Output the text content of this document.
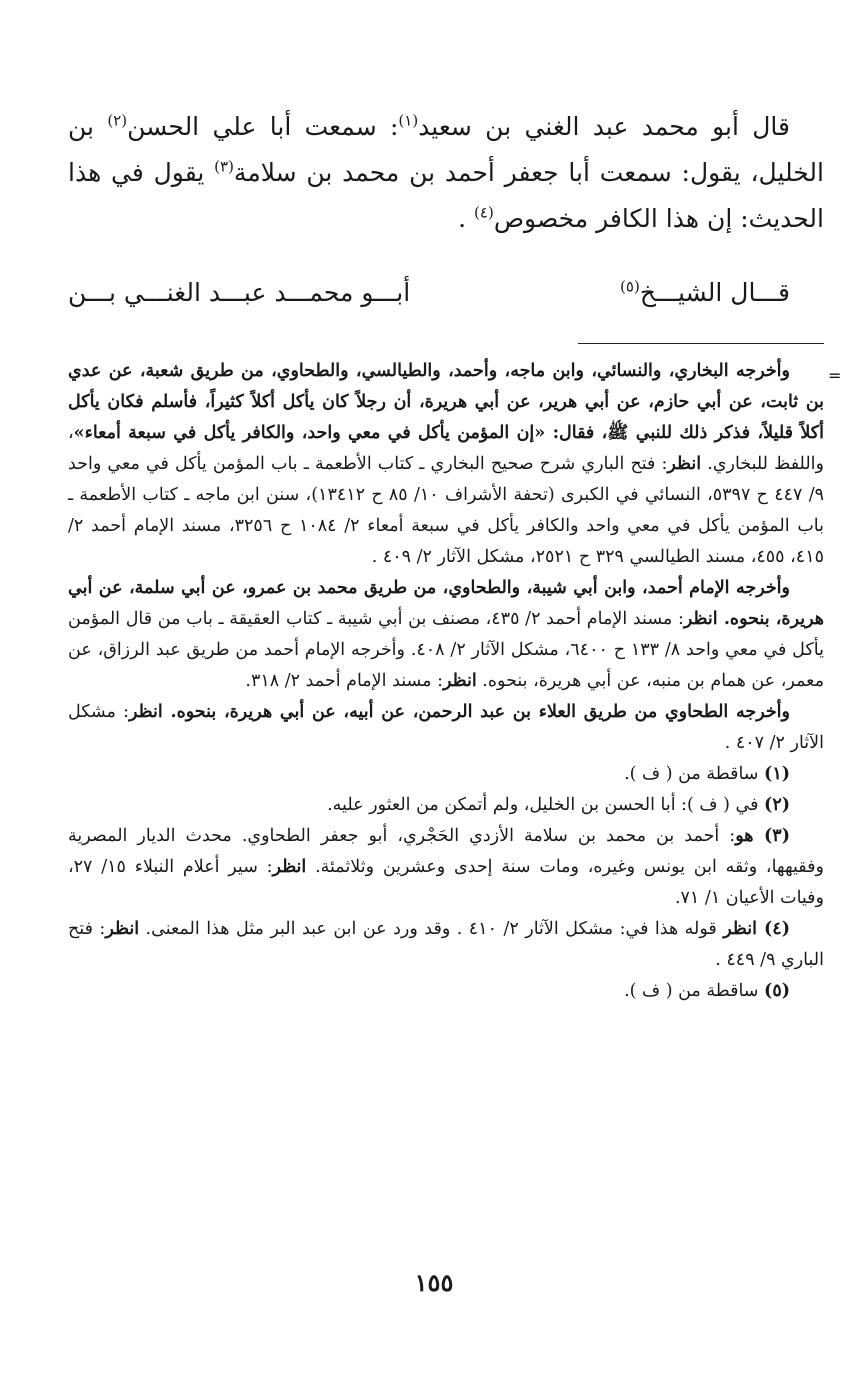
قال أبو محمد عبد الغني بن سعيد$^{(١)}$: سمعت أبا علي الحسن$^{(٢)}$ بن الخليل، يقول: سمعت أبا جعفر أحمد بن محمد بن سلامة$^{(٣)}$ يقول في هذا الحديث: إن هذا الكافر مخصوص$^{(٤)}$ .

قـــال الشيـــخ$^{(٥)}$
أبـــو محمـــد عبـــد الغنـــي بـــن
=

وأخرجه البخاري، والنسائي، وابن ماجه، وأحمد، والطيالسي، والطحاوي، من طريق شعبة، عن عدي بن ثابت، عن أبي حازم، عن أبي هرير، عن أبي هريرة، أن رجلاً كان يأكل أكلاً كثيراً، فأسلم فكان يأكل أكلاً قليلاً، فذكر ذلك للنبي ﷺ، فقال: «إن المؤمن يأكل في معي واحد، والكافر يأكل في سبعة أمعاء»، واللفظ للبخاري. انظر: فتح الباري شرح صحيح البخاري ـ كتاب الأطعمة ـ باب المؤمن يأكل في معي واحد ٩/ ٤٤٧ ح ٥٣٩٧، النسائي في الكبرى (تحفة الأشراف ١٠/ ٨٥ ح ١٣٤١٢)، سنن ابن ماجه ـ كتاب الأطعمة ـ باب المؤمن يأكل في معي واحد والكافر يأكل في سبعة أمعاء ٢/ ١٠٨٤ ح ٣٢٥٦، مسند الإمام أحمد ٢/ ٤١٥، ٤٥٥، مسند الطيالسي ٣٢٩ ح ٢٥٢١، مشكل الآثار ٢/ ٤٠٩ .

وأخرجه الإمام أحمد، وابن أبي شيبة، والطحاوي، من طريق محمد بن عمرو، عن أبي سلمة، عن أبي هريرة، بنحوه. انظر: مسند الإمام أحمد ٢/ ٤٣٥، مصنف بن أبي شيبة ـ كتاب العقيقة ـ باب من قال المؤمن يأكل في معي واحد ٨/ ١٣٣ ح ٦٤٠٠، مشكل الآثار ٢/ ٤٠٨. وأخرجه الإمام أحمد من طريق عبد الرزاق، عن معمر، عن همام بن منبه، عن أبي هريرة، بنحوه. انظر: مسند الإمام أحمد ٢/ ٣١٨.

وأخرجه الطحاوي من طريق العلاء بن عبد الرحمن، عن أبيه، عن أبي هريرة، بنحوه. انظر: مشكل الآثار ٢/ ٤٠٧ .

(١) ساقطة من ( ف ).

(٢) في ( ف ): أبا الحسن بن الخليل، ولم أتمكن من العثور عليه.

(٣) هو: أحمد بن محمد بن سلامة الأزدي الحَجْري، أبو جعفر الطحاوي. محدث الديار المصرية وفقيهها، وثقه ابن يونس وغيره، ومات سنة إحدى وعشرين وثلاثمئة. انظر: سير أعلام النبلاء ١٥/ ٢٧، وفيات الأعيان ١/ ٧١.

(٤) انظر قوله هذا في: مشكل الآثار ٢/ ٤١٠ . وقد ورد عن ابن عبد البر مثل هذا المعنى. انظر: فتح الباري ٩/ ٤٤٩ .

(٥) ساقطة من ( ف ).

١٥٥
